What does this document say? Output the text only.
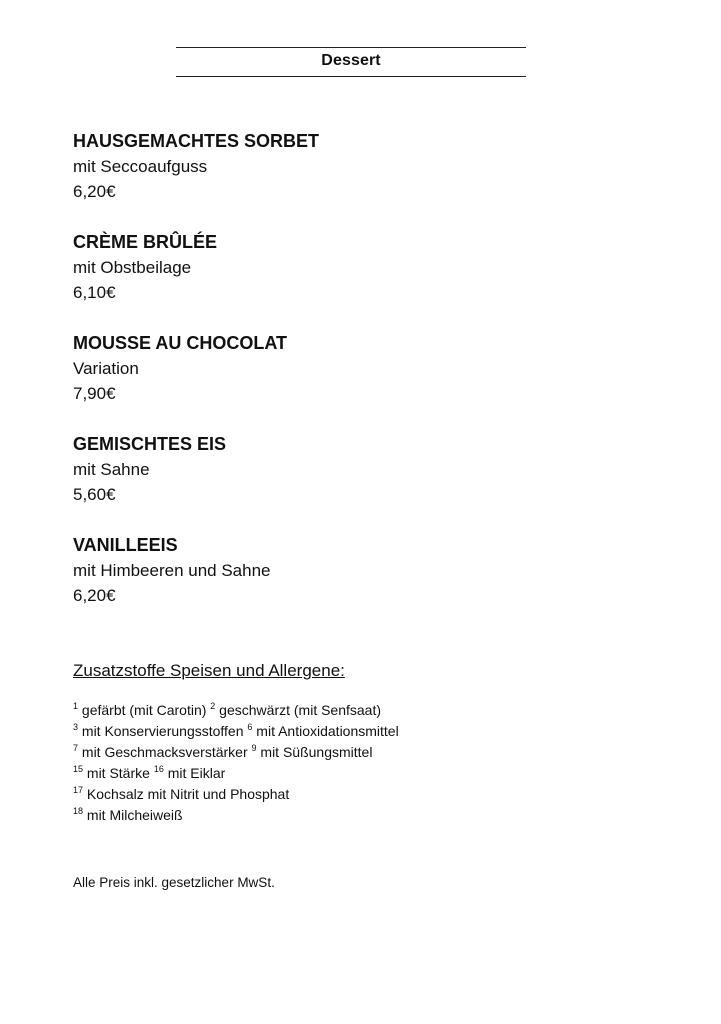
Dessert
HAUSGEMACHTES SORBET
mit Seccoaufguss
6,20€
CRÈME BRÛLÉE
mit Obstbeilage
6,10€
MOUSSE AU CHOCOLAT
Variation
7,90€
GEMISCHTES EIS
mit Sahne
5,60€
VANILLEEIS
mit Himbeeren und Sahne
6,20€
Zusatzstoffe Speisen und Allergene:
$^1$ gefärbt (mit Carotin) $^2$ geschwärzt (mit Senfsaat)
$^3$ mit Konservierungsstoffen $^6$ mit Antioxidationsmittel
$^7$ mit Geschmacksverstärker $^9$ mit Süßungsmittel
$^{15}$ mit Stärke $^{16}$ mit Eiklar
$^{17}$ Kochsalz mit Nitrit und Phosphat
$^{18}$ mit Milcheiweiß
Alle Preis inkl. gesetzlicher MwSt.
